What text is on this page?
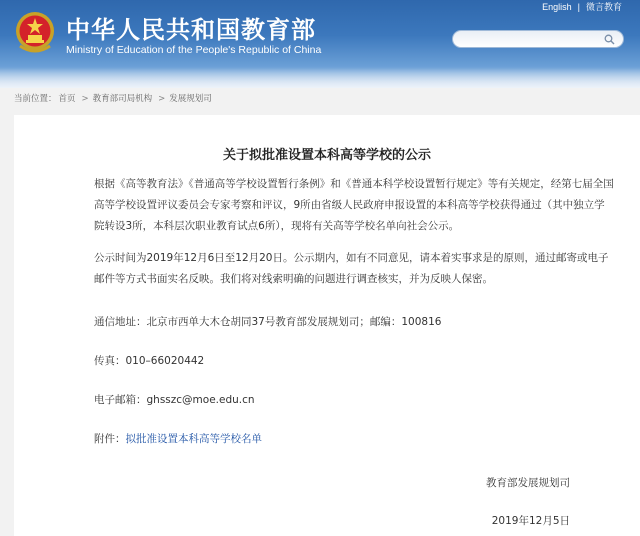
中华人民共和国教育部
Ministry of Education of the People's Republic of China
English | 微言教育
当前位置： 首页 > 教育部司局机构 > 发展规划司
关于拟批准设置本科高等学校的公示
根据《高等教育法》《普通高等学校设置暂行条例》和《普通本科学校设置暂行规定》等有关规定，经第七届全国高等学校设置评议委员会专家考察和评议，9所由省级人民政府申报设置的本科高等学校获得通过（其中独立学院转设3所，本科层次职业教育试点6所），现将有关高等学校名单向社会公示。
公示时间为2019年12月6日至12月20日。公示期内，如有不同意见，请本着实事求是的原则，通过邮寄或电子邮件等方式书面实名反映。我们将对线索明确的问题进行调查核实，并为反映人保密。
通信地址：北京市西单大木仓胡同37号教育部发展规划司；邮编：100816
传真：010–66020442
电子邮箱：ghsszc@moe.edu.cn
附件：拟批准设置本科高等学校名单
教育部发展规划司
2019年12月5日
